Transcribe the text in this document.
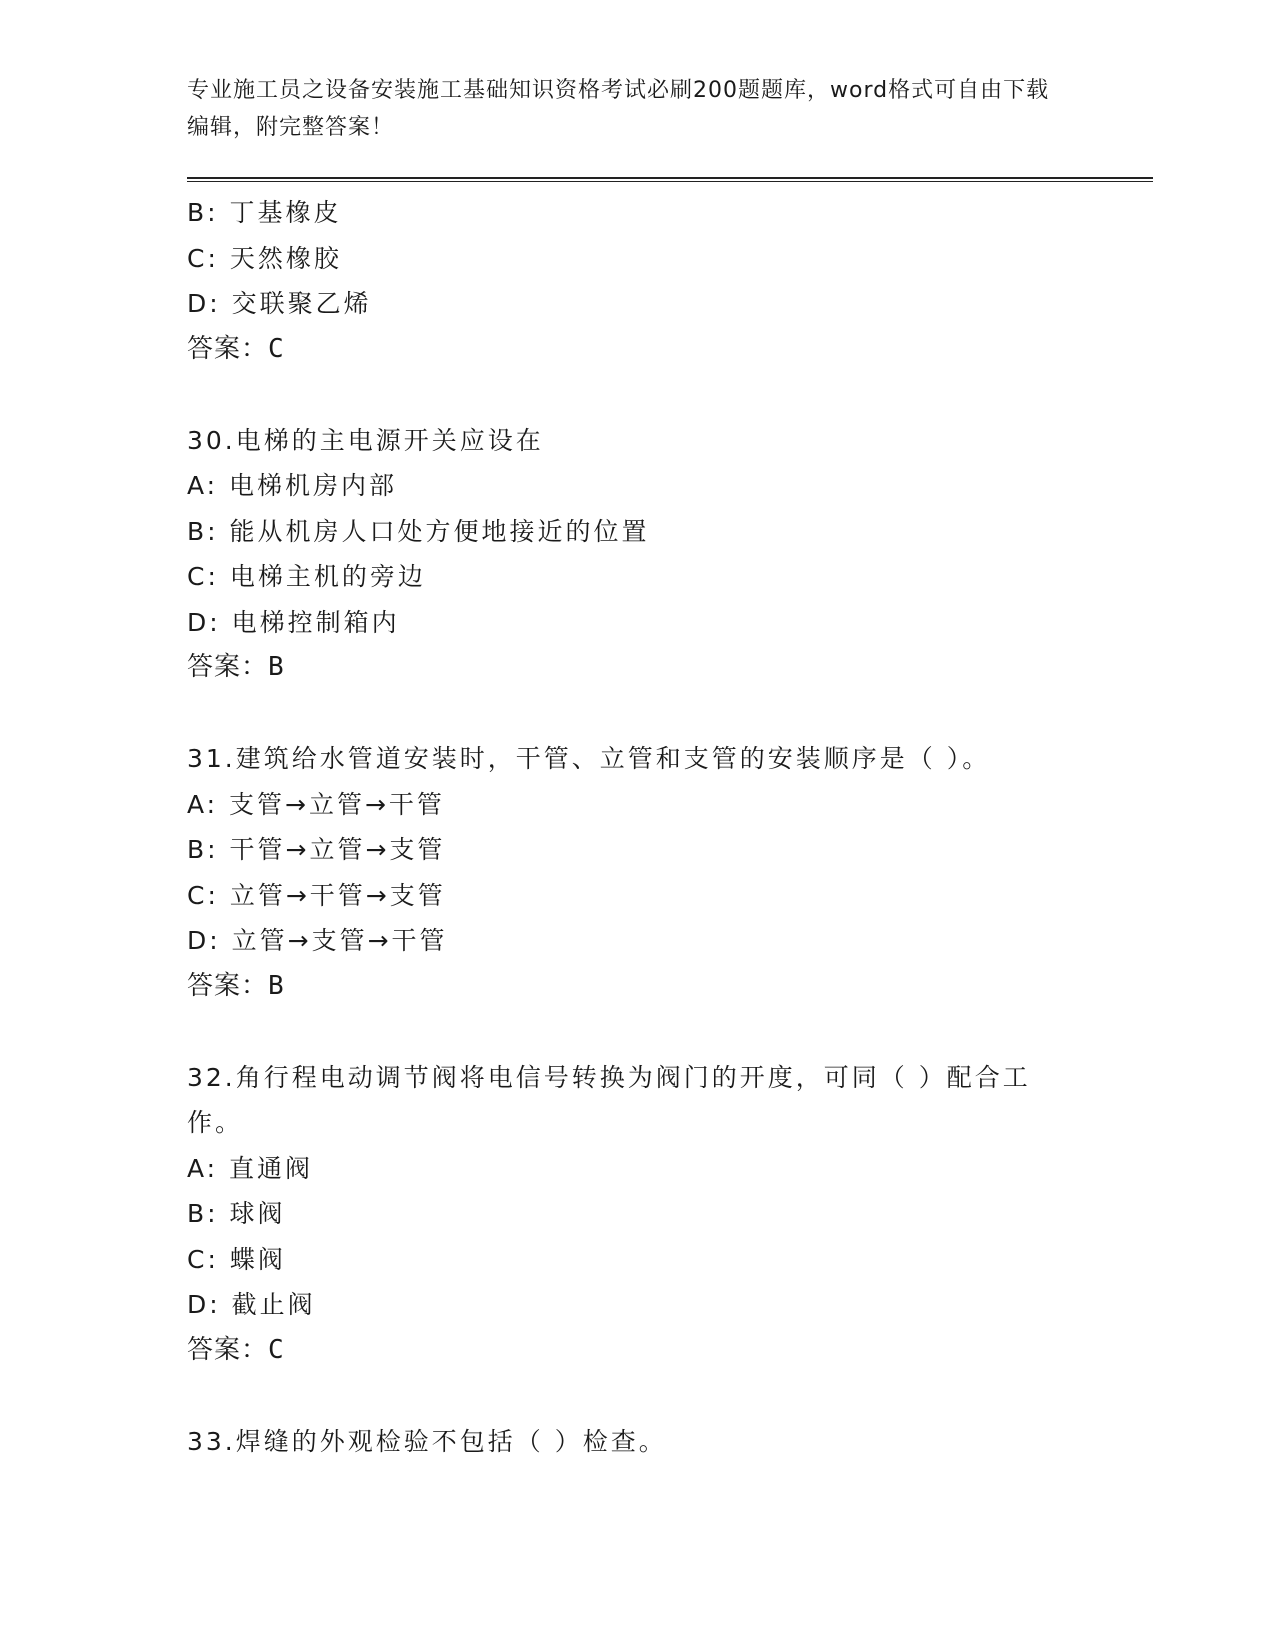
专业施工员之设备安装施工基础知识资格考试必刷200题题库，word格式可自由下载编辑，附完整答案！
B: 丁基橡皮
C: 天然橡胶
D: 交联聚乙烯
答案：C
30.电梯的主电源开关应设在
A: 电梯机房内部
B: 能从机房人口处方便地接近的位置
C: 电梯主机的旁边
D: 电梯控制箱内
答案：B
31.建筑给水管道安装时，干管、立管和支管的安装顺序是（ ）。
A: 支管→立管→干管
B: 干管→立管→支管
C: 立管→干管→支管
D: 立管→支管→干管
答案：B
32.角行程电动调节阀将电信号转换为阀门的开度，可同（ ）配合工作。
A: 直通阀
B: 球阀
C: 蝶阀
D: 截止阀
答案：C
33.焊缝的外观检验不包括（ ）检查。
